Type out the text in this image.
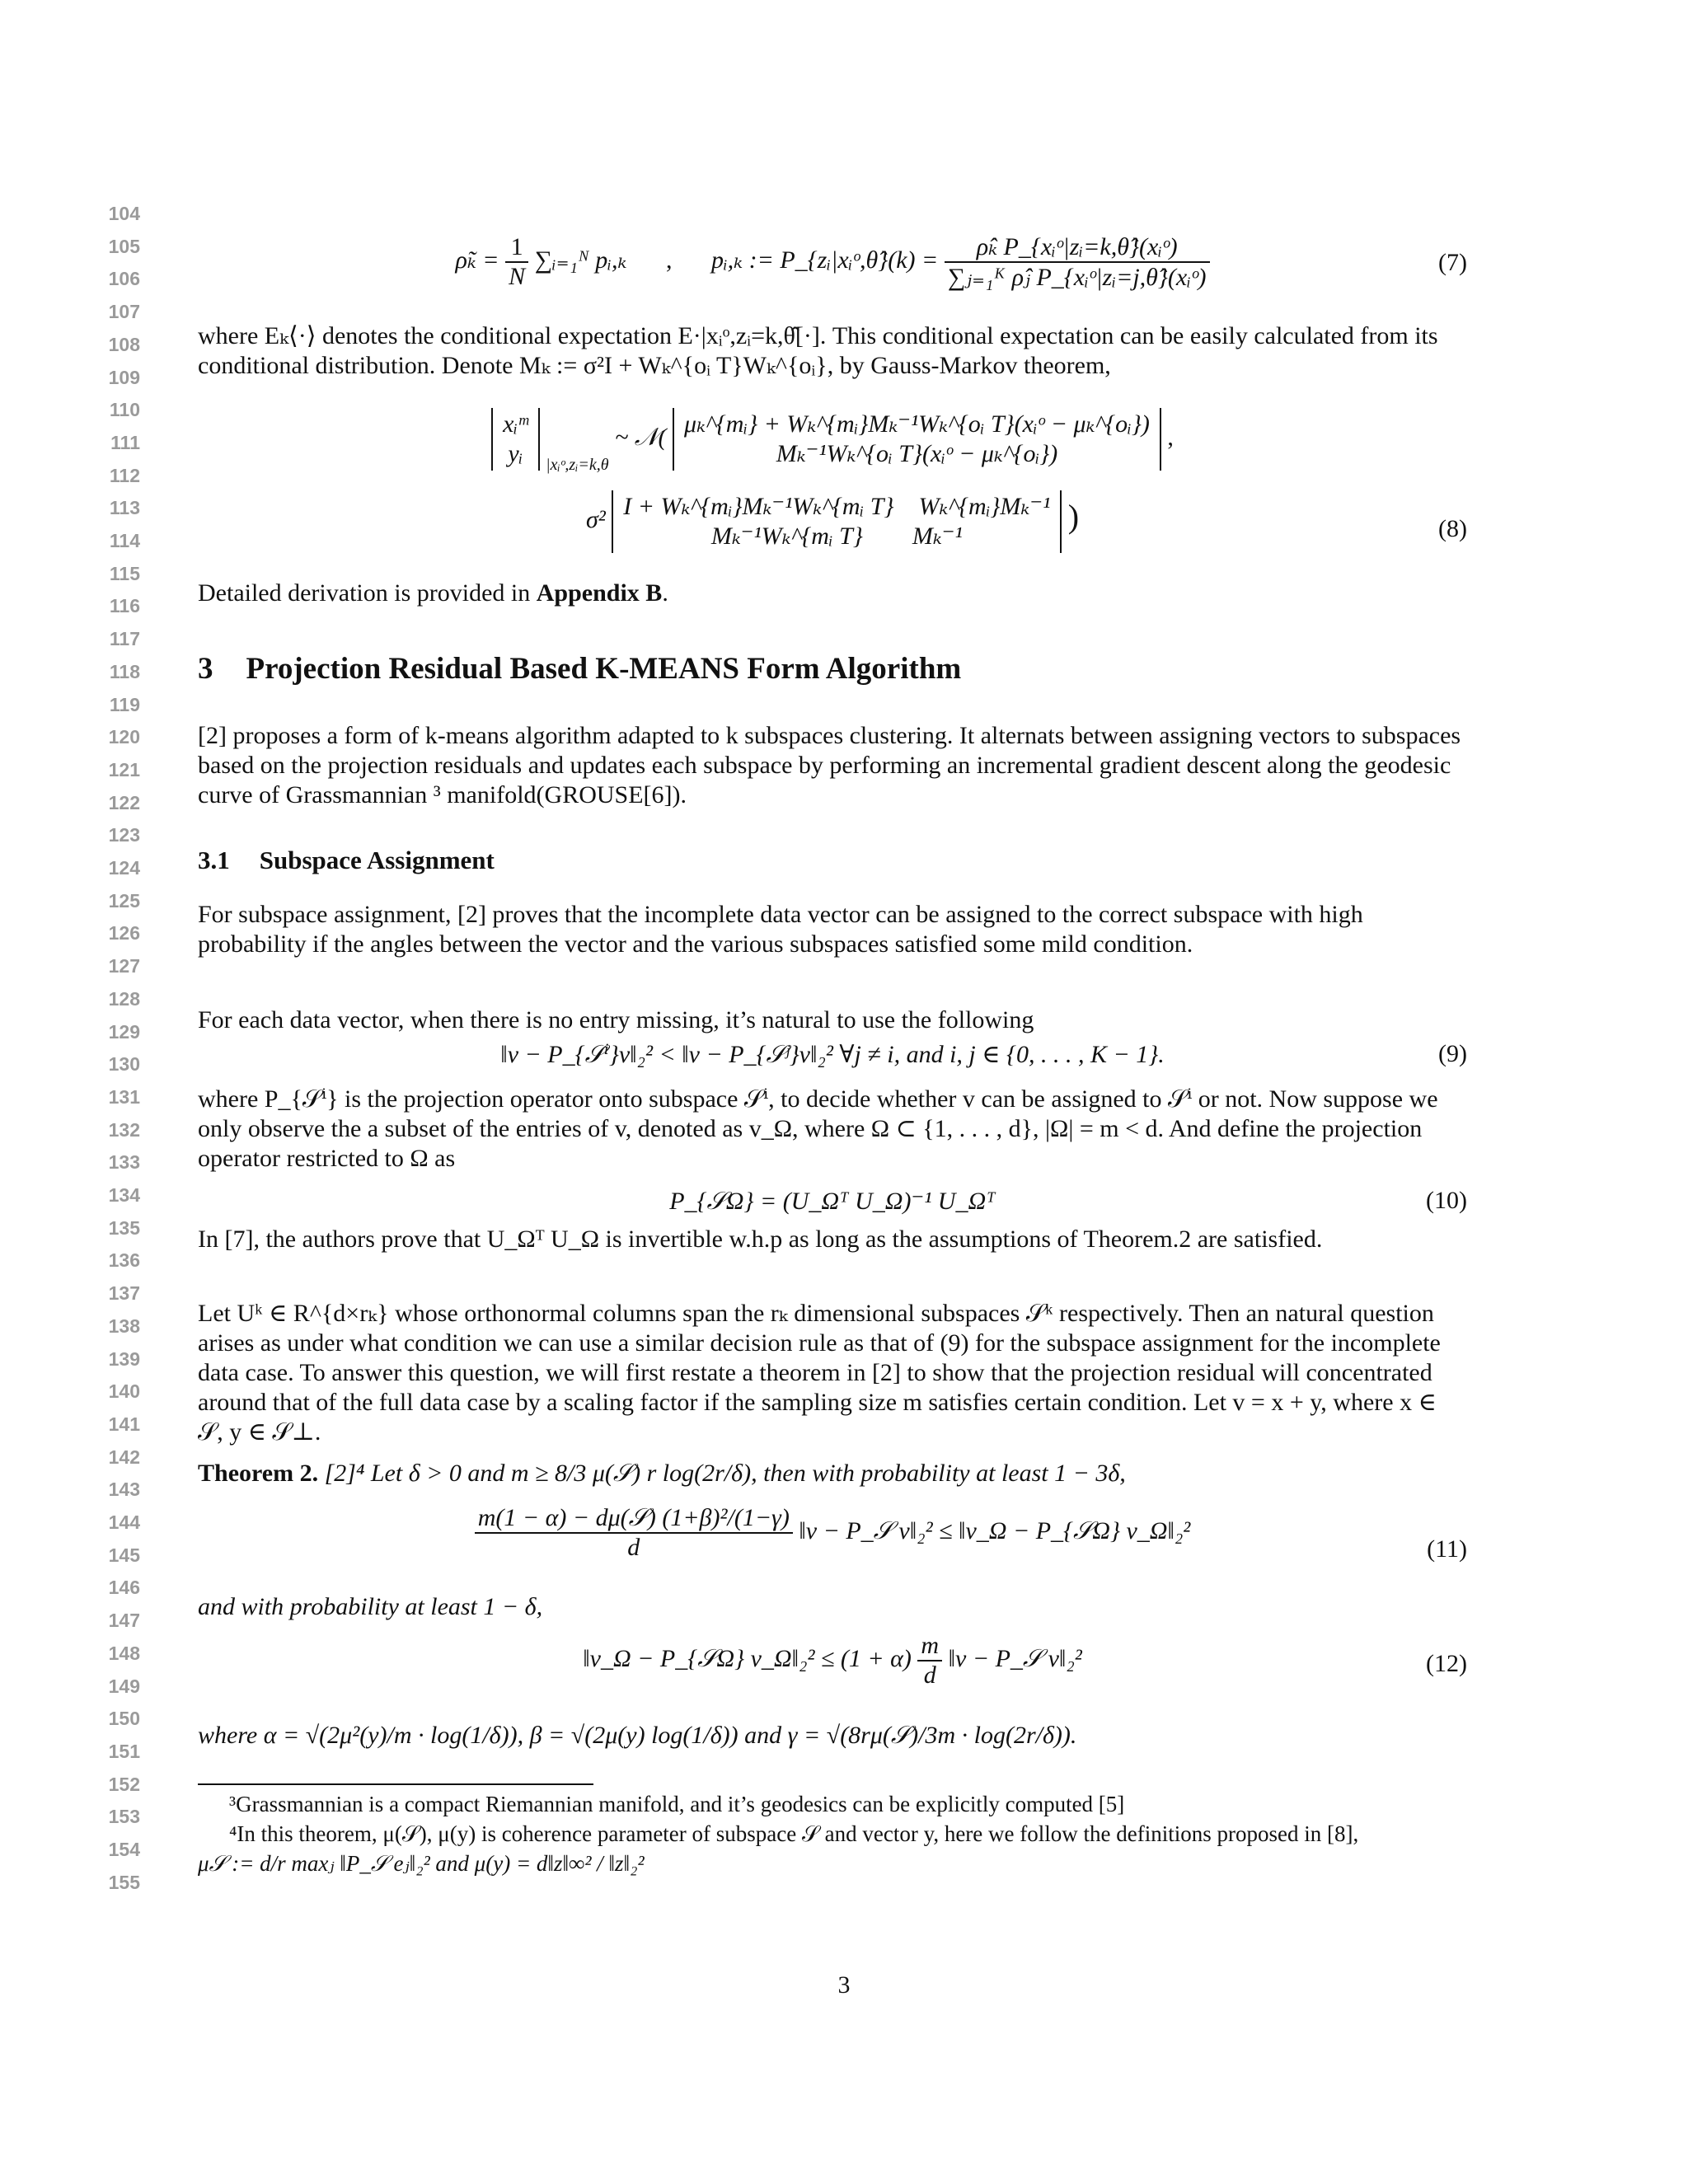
104
105
106
107
108
109
110
111
112
113
114
115
116
117
118
119
120
121
122
123
124
125
126
127
128
129
130
131
132
133
134
135
136
137
138
139
140
141
142
143
144
145
146
147
148
149
150
151
152
153
154
155
ρ̃ₖ = $\frac{1}{N}$ ∑ᵢ₌₁ᴺ pᵢ,ₖ , pᵢ,ₖ := P_{zᵢ|xᵢᵒ,θ̂}(k) = $\frac{\text{ρ̂ₖ P\_\{xᵢᵒ|zᵢ=k,θ̂\}(xᵢᵒ)}}{\text{∑ⱼ₌₁ᴷ ρ̂ⱼ P\_\{xᵢᵒ|zᵢ=j,θ̂\}(xᵢᵒ)}}$	(7)
where Eₖ⟨·⟩ denotes the conditional expectation E·|xᵢᵒ,zᵢ=k,θ̂[·]. This conditional expectation can be easily calculated from its conditional distribution. Denote Mₖ := σ²I + Wₖ^{oᵢ T}Wₖ^{oᵢ}, by Gauss-Markov theorem,
xᵢᵐ
yᵢ	$_{|xᵢᵒ,zᵢ=k,\theta}$ ~ 𝒩( μₖ^{mᵢ} + Wₖ^{mᵢ}Mₖ⁻¹Wₖ^{oᵢ T}(xᵢᵒ − μₖ^{oᵢ})
Mₖ⁻¹Wₖ^{oᵢ T}(xᵢᵒ − μₖ^{oᵢ})
,
σ² I + Wₖ^{mᵢ}Mₖ⁻¹Wₖ^{mᵢ T} Wₖ^{mᵢ}Mₖ⁻¹
Mₖ⁻¹Wₖ^{mᵢ T} Mₖ⁻¹
)	(8)
Detailed derivation is provided in Appendix B.
3 Projection Residual Based K-MEANS Form Algorithm
[2] proposes a form of k-means algorithm adapted to k subspaces clustering. It alternats between assigning vectors to subspaces based on the projection residuals and updates each subspace by performing an incremental gradient descent along the geodesic curve of Grassmannian ³ manifold(GROUSE[6]).
3.1 Subspace Assignment
For subspace assignment, [2] proves that the incomplete data vector can be assigned to the correct subspace with high probability if the angles between the vector and the various subspaces satisfied some mild condition.
For each data vector, when there is no entry missing, it’s natural to use the following
‖v − P_{𝒮ⁱ}v‖₂² < ‖v − P_{𝒮ʲ}v‖₂² ∀j ≠ i, and i, j ∈ {0, . . . , K − 1}.	(9)
where P_{𝒮ⁱ} is the projection operator onto subspace 𝒮ⁱ, to decide whether v can be assigned to 𝒮ⁱ or not. Now suppose we only observe the a subset of the entries of v, denoted as v_Ω, where Ω ⊂ {1, . . . , d}, |Ω| = m < d. And define the projection operator restricted to Ω as
P_{𝒮Ω} = (U_Ωᵀ U_Ω)⁻¹ U_Ωᵀ	(10)
In [7], the authors prove that U_Ωᵀ U_Ω is invertible w.h.p as long as the assumptions of Theorem.2 are satisfied.
Let Uᵏ ∈ R^{d×rₖ} whose orthonormal columns span the rₖ dimensional subspaces 𝒮ᵏ respectively. Then an natural question arises as under what condition we can use a similar decision rule as that of (9) for the subspace assignment for the incomplete data case. To answer this question, we will first restate a theorem in [2] to show that the projection residual will concentrated around that of the full data case by a scaling factor if the sampling size m satisfies certain condition. Let v = x + y, where x ∈ 𝒮, y ∈ 𝒮⊥.
Theorem 2. [2]⁴ Let δ > 0 and m ≥ 8/3 μ(𝒮) r log(2r/δ), then with probability at least 1 − 3δ,
$\frac{\text{m(1 − α) − dμ(𝒮) (1+β)²/(1−γ)}}{d}$ ‖v − P_𝒮 v‖₂² ≤ ‖v_Ω − P_{𝒮Ω} v_Ω‖₂²
(11)
and with probability at least 1 − δ,
‖v_Ω − P_{𝒮Ω} v_Ω‖₂² ≤ $(1 + \alpha) \frac{m}{d}$ ‖v − P_𝒮 v‖₂²	(12)
where α = √(2μ²(y)/m · log(1/δ)), β = √(2μ(y) log(1/δ)) and γ = √(8rμ(𝒮)/3m · log(2r/δ)).
³Grassmannian is a compact Riemannian manifold, and it’s geodesics can be explicitly computed [5]
⁴In this theorem, μ(𝒮), μ(y) is coherence parameter of subspace 𝒮 and vector y, here we follow the definitions proposed in [8],
μ𝒮 := d/r maxⱼ ‖P_𝒮 eⱼ‖₂² and μ(y) = d‖z‖∞² / ‖z‖₂²
3
